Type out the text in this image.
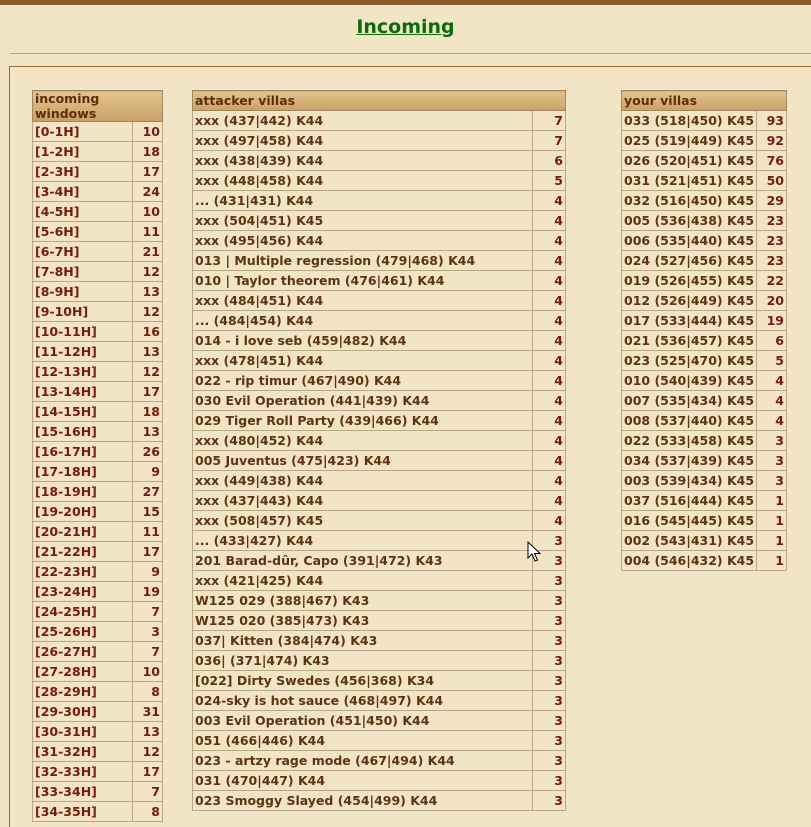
Incoming
incoming windows	
[0-1H]	10
[1-2H]	18
[2-3H]	17
[3-4H]	24
[4-5H]	10
[5-6H]	11
[6-7H]	21
[7-8H]	12
[8-9H]	13
[9-10H]	12
[10-11H]	16
[11-12H]	13
[12-13H]	12
[13-14H]	17
[14-15H]	18
[15-16H]	13
[16-17H]	26
[17-18H]	9
[18-19H]	27
[19-20H]	15
[20-21H]	11
[21-22H]	17
[22-23H]	9
[23-24H]	19
[24-25H]	7
[25-26H]	3
[26-27H]	7
[27-28H]	10
[28-29H]	8
[29-30H]	31
[30-31H]	13
[31-32H]	12
[32-33H]	17
[33-34H]	7
[34-35H]	8
attacker villas	
xxx (437|442) K44	7
xxx (497|458) K44	7
xxx (438|439) K44	6
xxx (448|458) K44	5
... (431|431) K44	4
xxx (504|451) K45	4
xxx (495|456) K44	4
013 | Multiple regression (479|468) K44	4
010 | Taylor theorem (476|461) K44	4
xxx (484|451) K44	4
... (484|454) K44	4
014 - i love seb (459|482) K44	4
xxx (478|451) K44	4
022 - rip timur (467|490) K44	4
030 Evil Operation (441|439) K44	4
029 Tiger Roll Party (439|466) K44	4
xxx (480|452) K44	4
005 Juventus (475|423) K44	4
xxx (449|438) K44	4
xxx (437|443) K44	4
xxx (508|457) K45	4
... (433|427) K44	3
201 Barad-dûr, Capo (391|472) K43	3
xxx (421|425) K44	3
W125 029 (388|467) K43	3
W125 020 (385|473) K43	3
037| Kitten (384|474) K43	3
036| (371|474) K43	3
[022] Dirty Swedes (456|368) K34	3
024-sky is hot sauce (468|497) K44	3
003 Evil Operation (451|450) K44	3
051 (466|446) K44	3
023 - artzy rage mode (467|494) K44	3
031 (470|447) K44	3
023 Smoggy Slayed (454|499) K44	3
your villas	
033 (518|450) K45	93
025 (519|449) K45	92
026 (520|451) K45	76
031 (521|451) K45	50
032 (516|450) K45	29
005 (536|438) K45	23
006 (535|440) K45	23
024 (527|456) K45	23
019 (526|455) K45	22
012 (526|449) K45	20
017 (533|444) K45	19
021 (536|457) K45	6
023 (525|470) K45	5
010 (540|439) K45	4
007 (535|434) K45	4
008 (537|440) K45	4
022 (533|458) K45	3
034 (537|439) K45	3
003 (539|434) K45	3
037 (516|444) K45	1
016 (545|445) K45	1
002 (543|431) K45	1
004 (546|432) K45	1
